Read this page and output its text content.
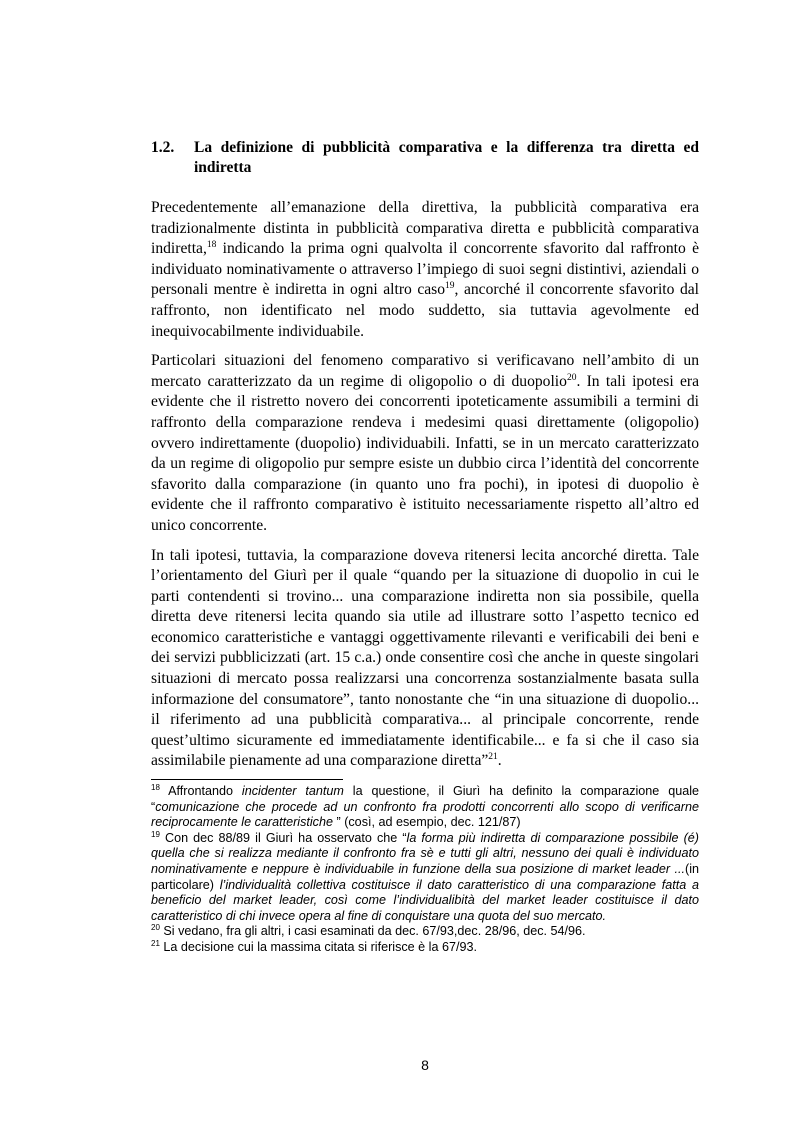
1.2. La definizione di pubblicità comparativa e la differenza tra diretta ed indiretta

Precedentemente all’emanazione della direttiva, la pubblicità comparativa era tradizionalmente distinta in pubblicità comparativa diretta e pubblicità comparativa indiretta,$^{18}$ indicando la prima ogni qualvolta il concorrente sfavorito dal raffronto è individuato nominativamente o attraverso l’impiego di suoi segni distintivi, aziendali o personali mentre è indiretta in ogni altro caso$^{19}$, ancorché il concorrente sfavorito dal raffronto, non identificato nel modo suddetto, sia tuttavia agevolmente ed inequivocabilmente individuabile.

Particolari situazioni del fenomeno comparativo si verificavano nell’ambito di un mercato caratterizzato da un regime di oligopolio o di duopolio$^{20}$. In tali ipotesi era evidente che il ristretto novero dei concorrenti ipoteticamente assumibili a termini di raffronto della comparazione rendeva i medesimi quasi direttamente (oligopolio) ovvero indirettamente (duopolio) individuabili. Infatti, se in un mercato caratterizzato da un regime di oligopolio pur sempre esiste un dubbio circa l’identità del concorrente sfavorito dalla comparazione (in quanto uno fra pochi), in ipotesi di duopolio è evidente che il raffronto comparativo è istituito necessariamente rispetto all’altro ed unico concorrente.

In tali ipotesi, tuttavia, la comparazione doveva ritenersi lecita ancorché diretta. Tale l’orientamento del Giurì per il quale “quando per la situazione di duopolio in cui le parti contendenti si trovino... una comparazione indiretta non sia possibile, quella diretta deve ritenersi lecita quando sia utile ad illustrare sotto l’aspetto tecnico ed economico caratteristiche e vantaggi oggettivamente rilevanti e verificabili dei beni e dei servizi pubblicizzati (art. 15 c.a.) onde consentire così che anche in queste singolari situazioni di mercato possa realizzarsi una concorrenza sostanzialmente basata sulla informazione del consumatore”, tanto nonostante che “in una situazione di duopolio... il riferimento ad una pubblicità comparativa... al principale concorrente, rende quest’ultimo sicuramente ed immediatamente identificabile... e fa si che il caso sia assimilabile pienamente ad una comparazione diretta”$^{21}$.

$^{18}$ Affrontando incidenter tantum la questione, il Giurì ha definito la comparazione quale “comunicazione che procede ad un confronto fra prodotti concorrenti allo scopo di verificarne reciprocamente le caratteristiche ” (così, ad esempio, dec. 121/87)

$^{19}$ Con dec 88/89 il Giurì ha osservato che “la forma più indiretta di comparazione possibile (é) quella che si realizza mediante il confronto fra sè e tutti gli altri, nessuno dei quali è individuato nominativamente e neppure è individuabile in funzione della sua posizione di market leader ...(in particolare) l’individualità collettiva costituisce il dato caratteristico di una comparazione fatta a beneficio del market leader, così come l’individualibità del market leader costituisce il dato caratteristico di chi invece opera al fine di conquistare una quota del suo mercato.

$^{20}$ Si vedano, fra gli altri, i casi esaminati da dec. 67/93,dec. 28/96, dec. 54/96.

$^{21}$ La decisione cui la massima citata si riferisce è la 67/93.

8
